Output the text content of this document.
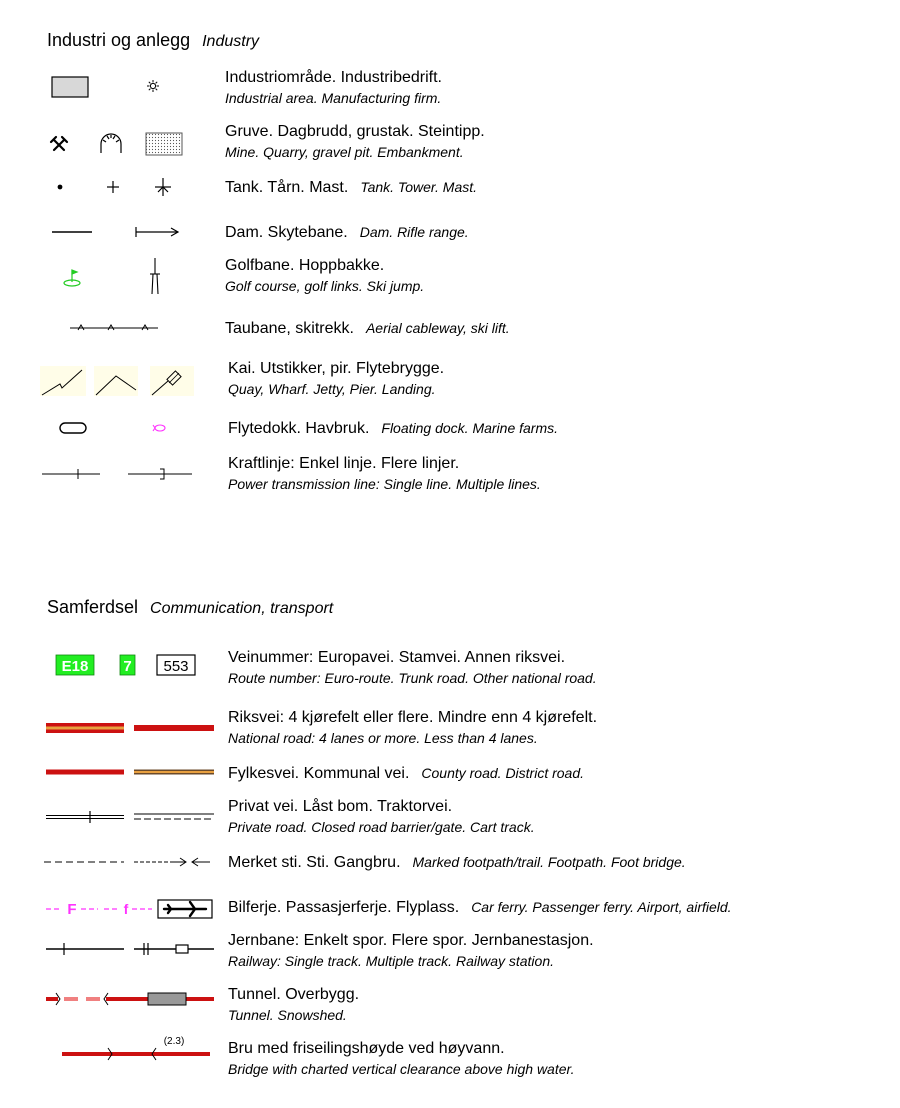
Industri og anlegg Industry
Industriområde. Industribedrift.
Industrial area. Manufacturing firm.
Gruve. Dagbrudd, grustak. Steintipp.
Mine. Quarry, gravel pit. Embankment.
Tank. Tårn. Mast. Tank. Tower. Mast.
Dam. Skytebane. Dam. Rifle range.
Golfbane. Hoppbakke.
Golf course, golf links. Ski jump.
Taubane, skitrekk. Aerial cableway, ski lift.
Kai. Utstikker, pir. Flytebrygge.
Quay, Wharf. Jetty, Pier. Landing.
Flytedokk. Havbruk. Floating dock. Marine farms.
Kraftlinje: Enkel linje. Flere linjer.
Power transmission line: Single line. Multiple lines.
Samferdsel Communication, transport
E18 7 553
Veinummer: Europavei. Stamvei. Annen riksvei.
Route number: Euro-route. Trunk road. Other national road.
Riksvei: 4 kjørefelt eller flere. Mindre enn 4 kjørefelt.
National road: 4 lanes or more. Less than 4 lanes.
Fylkesvei. Kommunal vei. County road. District road.
Privat vei. Låst bom. Traktorvei.
Private road. Closed road barrier/gate. Cart track.
Merket sti. Sti. Gangbru. Marked footpath/trail. Footpath. Foot bridge.
F	f	Bilferje. Passasjerferje. Flyplass. Car ferry. Passenger ferry. Airport, airfield.
Jernbane: Enkelt spor. Flere spor. Jernbanestasjon.
Railway: Single track. Multiple track. Railway station.
Tunnel. Overbygg.
Tunnel. Snowshed.
(2.3)	Bru med friseilingshøyde ved høyvann.
Bridge with charted vertical clearance above high water.
